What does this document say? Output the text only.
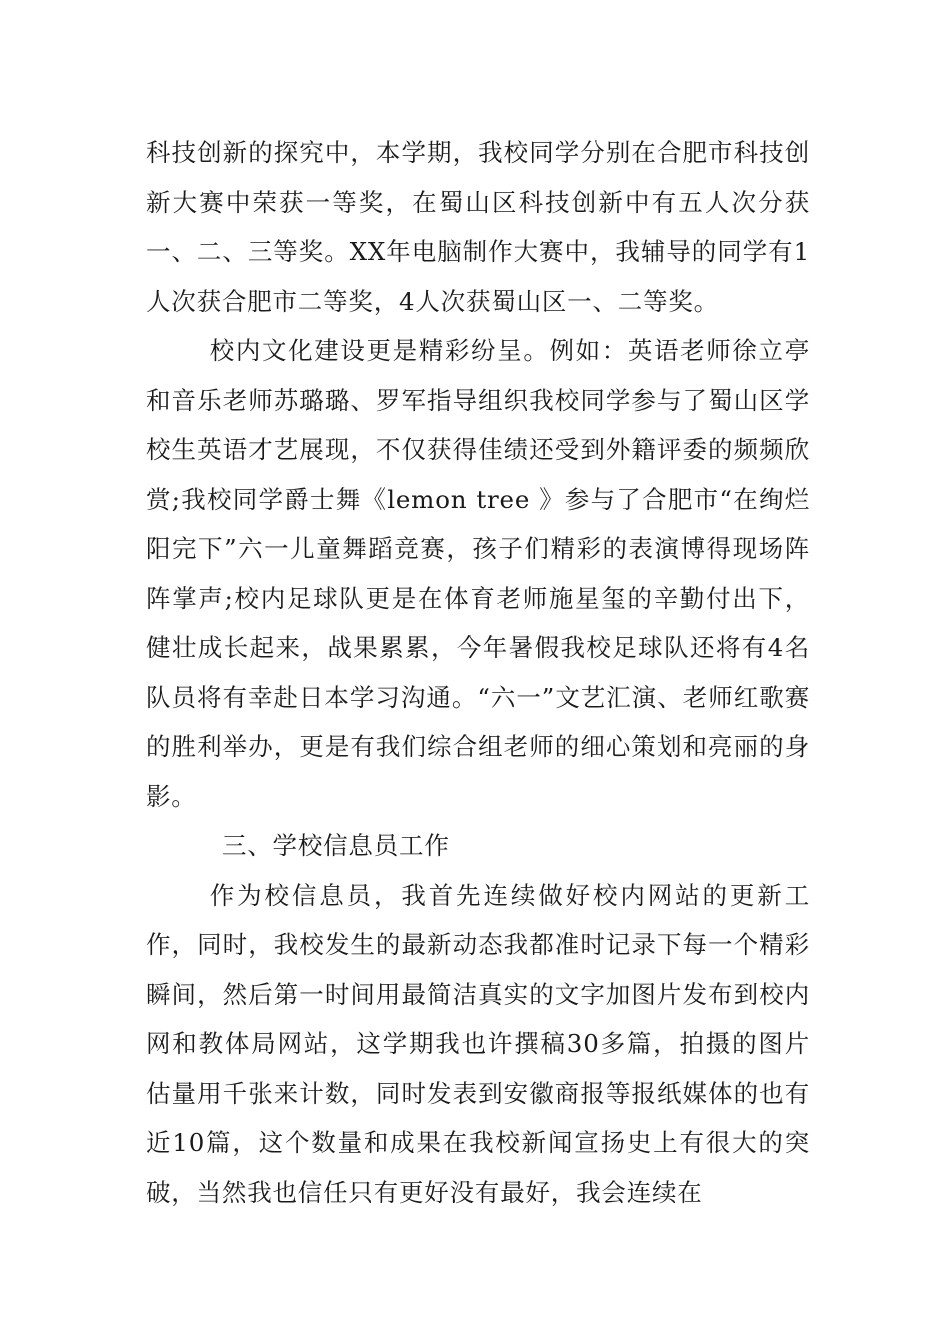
科技创新的探究中，本学期，我校同学分别在合肥市科技创新大赛中荣获一等奖，在蜀山区科技创新中有五人次分获一、二、三等奖。XX年电脑制作大赛中，我辅导的同学有1人次获合肥市二等奖，4人次获蜀山区一、二等奖。

校内文化建设更是精彩纷呈。例如：英语老师徐立亭和音乐老师苏璐璐、罗军指导组织我校同学参与了蜀山区学校生英语才艺展现，不仅获得佳绩还受到外籍评委的频频欣赏;我校同学爵士舞《lemon tree 》参与了合肥市“在绚烂阳完下”六一儿童舞蹈竞赛，孩子们精彩的表演博得现场阵阵掌声;校内足球队更是在体育老师施星玺的辛勤付出下，健壮成长起来，战果累累，今年暑假我校足球队还将有4名队员将有幸赴日本学习沟通。“六一”文艺汇演、老师红歌赛的胜利举办，更是有我们综合组老师的细心策划和亮丽的身影。

三、学校信息员工作

作为校信息员，我首先连续做好校内网站的更新工作，同时，我校发生的最新动态我都准时记录下每一个精彩瞬间，然后第一时间用最简洁真实的文字加图片发布到校内网和教体局网站，这学期我也许撰稿30多篇，拍摄的图片估量用千张来计数，同时发表到安徽商报等报纸媒体的也有近10篇，这个数量和成果在我校新闻宣扬史上有很大的突破，当然我也信任只有更好没有最好，我会连续在
